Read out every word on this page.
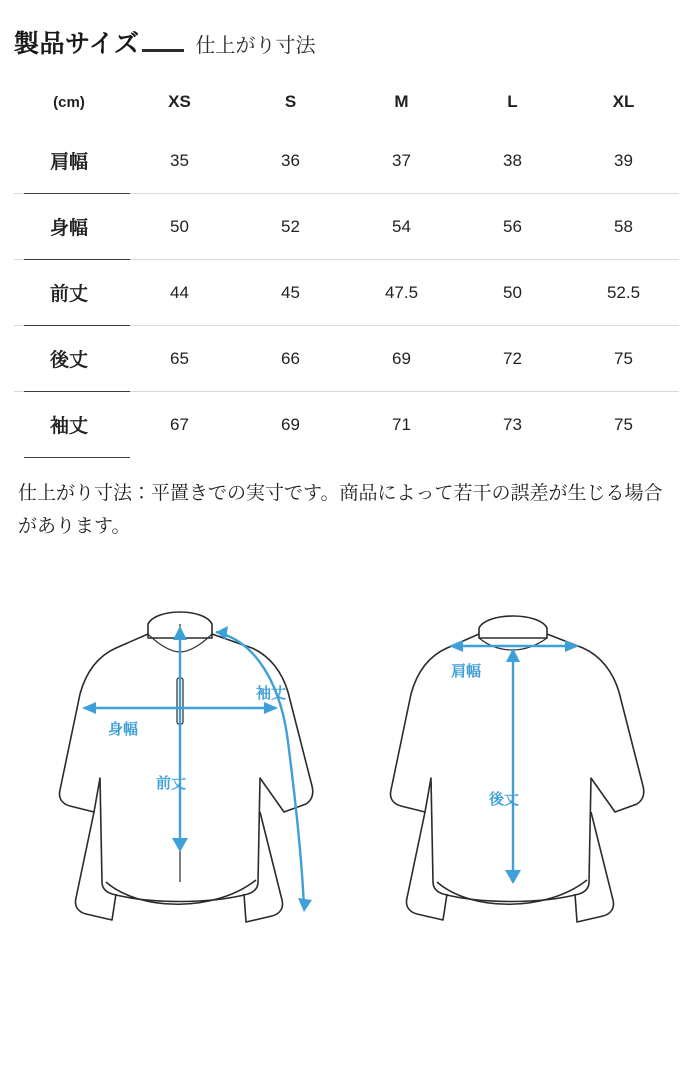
製品サイズ	仕上がり寸法
(cm)	XS	S	M	L	XL
肩幅	35	36	37	38	39
身幅	50	52	54	56	58
前丈	44	45	47.5	50	52.5
後丈	65	66	69	72	75
袖丈	67	69	71	73	75
仕上がり寸法：平置きでの実寸です。商品によって若干の誤差が生じる場合があります。
袖丈
身幅
前丈
肩幅
後丈
